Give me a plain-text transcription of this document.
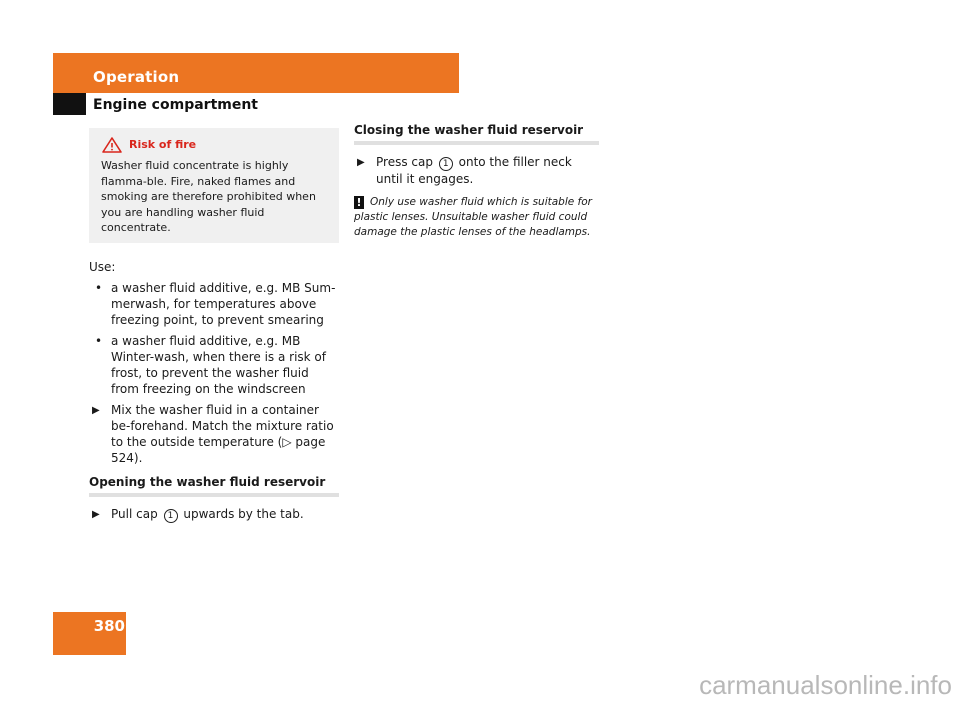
Operation
Engine compartment
Risk of fire

Washer fluid concentrate is highly flamma-ble. Fire, naked flames and smoking are therefore prohibited when you are handling washer fluid concentrate.

Use:

• a washer fluid additive, e.g. MB Sum-merwash, for temperatures above freezing point, to prevent smearing
• a washer fluid additive, e.g. MB Winter-wash, when there is a risk of frost, to prevent the washer fluid from freezing on the windscreen
▶ Mix the washer fluid in a container be-forehand. Match the mixture ratio to the outside temperature (▷ page 524).
Opening the washer fluid reservoir
▶ Pull cap 1 upwards by the tab.
Closing the washer fluid reservoir
▶ Press cap 1 onto the filler neck until it engages.

! Only use washer fluid which is suitable for plastic lenses. Unsuitable washer fluid could damage the plastic lenses of the headlamps.

380
carmanualsonline.info
